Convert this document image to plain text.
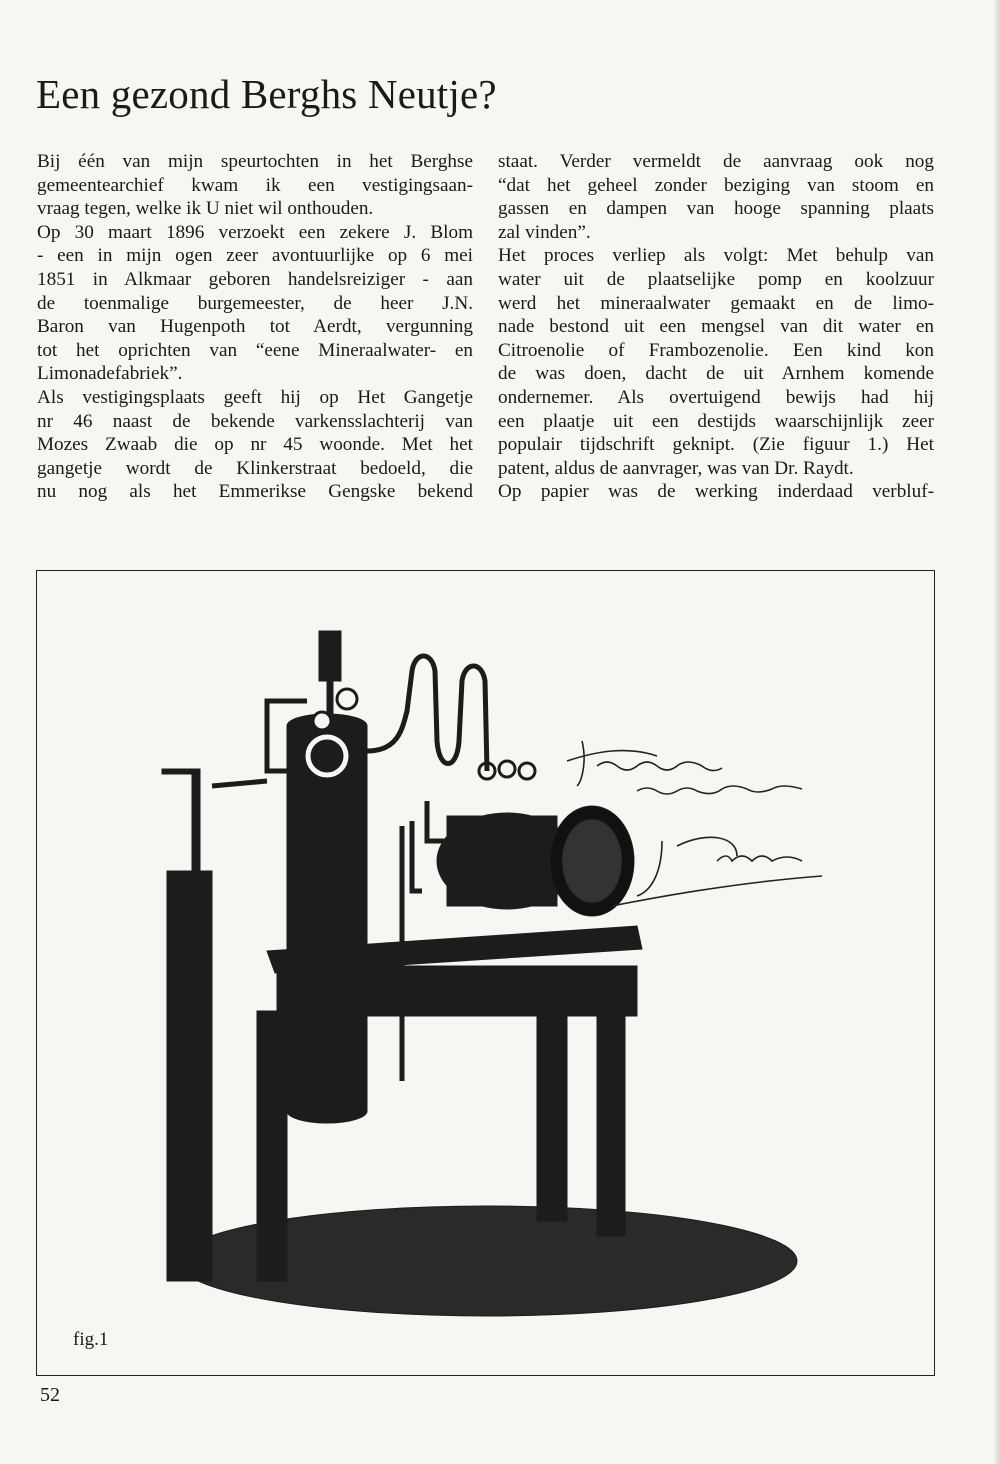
Een gezond Berghs Neutje?
Bij één van mijn speurtochten in het Berghse
gemeentearchief kwam ik een vestigingsaan-
vraag tegen, welke ik U niet wil onthouden.
Op 30 maart 1896 verzoekt een zekere J. Blom
- een in mijn ogen zeer avontuurlijke op 6 mei
1851 in Alkmaar geboren handelsreiziger - aan
de toenmalige burgemeester, de heer J.N.
Baron van Hugenpoth tot Aerdt, vergunning
tot het oprichten van “eene Mineraalwater- en
Limonadefabriek”.
Als vestigingsplaats geeft hij op Het Gangetje
nr 46 naast de bekende varkensslachterij van
Mozes Zwaab die op nr 45 woonde. Met het
gangetje wordt de Klinkerstraat bedoeld, die
nu nog als het Emmerikse Gengske bekend
staat. Verder vermeldt de aanvraag ook nog
“dat het geheel zonder beziging van stoom en
gassen en dampen van hooge spanning plaats
zal vinden”.
Het proces verliep als volgt: Met behulp van
water uit de plaatselijke pomp en koolzuur
werd het mineraalwater gemaakt en de limo-
nade bestond uit een mengsel van dit water en
Citroenolie of Frambozenolie. Een kind kon
de was doen, dacht de uit Arnhem komende
ondernemer. Als overtuigend bewijs had hij
een plaatje uit een destijds waarschijnlijk zeer
populair tijdschrift geknipt. (Zie figuur 1.) Het
patent, aldus de aanvrager, was van Dr. Raydt.
Op papier was de werking inderdaad verbluf-
fig.1
52
